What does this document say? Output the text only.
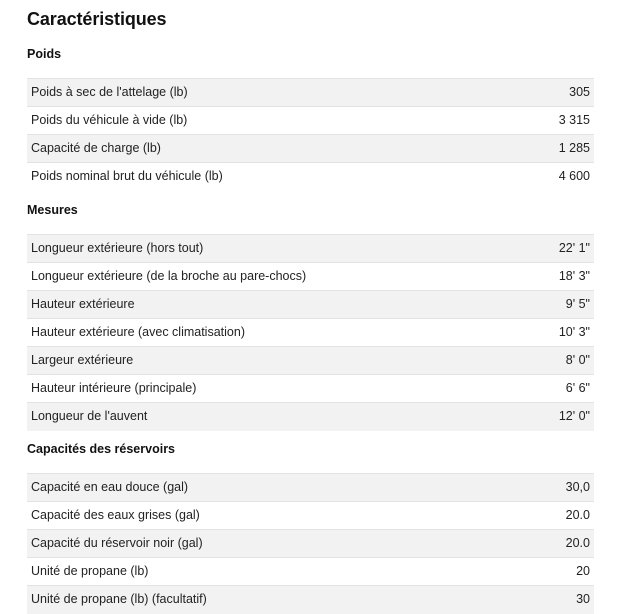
Caractéristiques
Poids
Poids à sec de l'attelage (lb)	305
Poids du véhicule à vide (lb)	3 315
Capacité de charge (lb)	1 285
Poids nominal brut du véhicule (lb)	4 600
Mesures
Longueur extérieure (hors tout)	22' 1"
Longueur extérieure (de la broche au pare-chocs)	18' 3"
Hauteur extérieure	9' 5"
Hauteur extérieure (avec climatisation)	10' 3"
Largeur extérieure	8' 0"
Hauteur intérieure (principale)	6' 6"
Longueur de l'auvent	12' 0"
Capacités des réservoirs
Capacité en eau douce (gal)	30,0
Capacité des eaux grises (gal)	20.0
Capacité du réservoir noir (gal)	20.0
Unité de propane (lb)	20
Unité de propane (lb) (facultatif)	30
